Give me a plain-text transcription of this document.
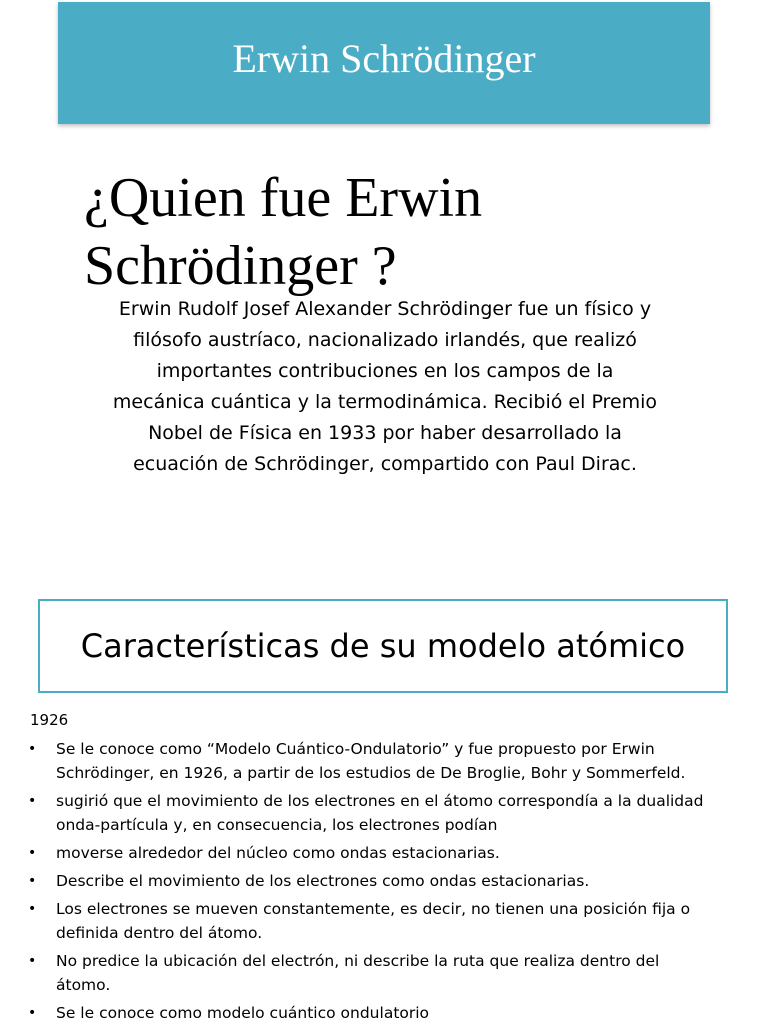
Erwin Schrödinger
¿Quien fue Erwin Schrödinger ?
Erwin Rudolf Josef Alexander Schrödinger fue un físico y filósofo austríaco, nacionalizado irlandés, que realizó importantes contribuciones en los campos de la mecánica cuántica y la termodinámica. Recibió el Premio Nobel de Física en 1933 por haber desarrollado la ecuación de Schrödinger, compartido con Paul Dirac.
Características de su modelo atómico
1926
• Se le conoce como “Modelo Cuántico-Ondulatorio” y fue propuesto por Erwin Schrödinger, en 1926, a partir de los estudios de De Broglie, Bohr y Sommerfeld.
• sugirió que el movimiento de los electrones en el átomo correspondía a la dualidad onda-partícula y, en consecuencia, los electrones podían
• moverse alrededor del núcleo como ondas estacionarias.
• Describe el movimiento de los electrones como ondas estacionarias.
• Los electrones se mueven constantemente, es decir, no tienen una posición fija o definida dentro del átomo.
• No predice la ubicación del electrón, ni describe la ruta que realiza dentro del átomo.
• Se le conoce como modelo cuántico ondulatorio
